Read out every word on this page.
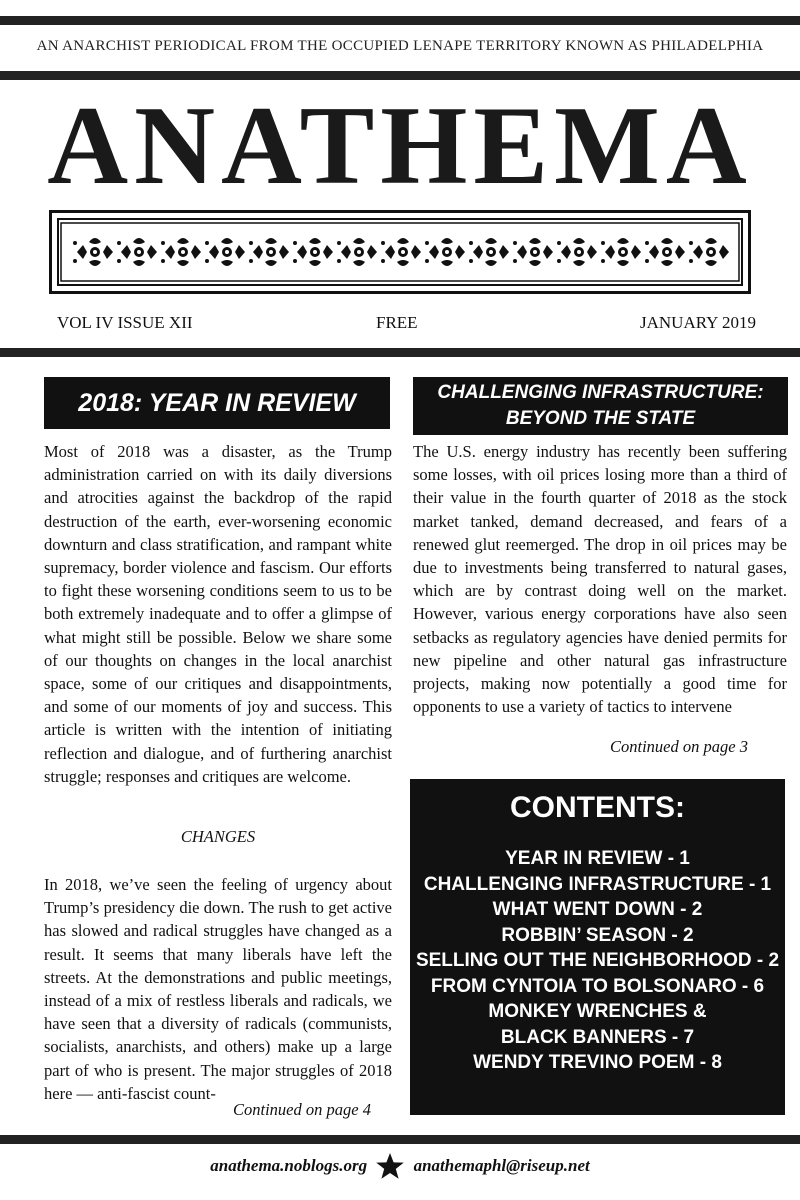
AN ANARCHIST PERIODICAL FROM THE OCCUPIED LENAPE TERRITORY KNOWN AS PHILADELPHIA
ANATHEMA
VOL IV ISSUE XII	FREE	JANUARY 2019
2018: YEAR IN REVIEW

Most of 2018 was a disaster, as the Trump administration carried on with its daily diversions and atrocities against the backdrop of the rapid destruction of the earth, ever-worsening economic downturn and class stratification, and rampant white supremacy, border violence and fascism. Our efforts to fight these worsening conditions seem to us to be both extremely inadequate and to offer a glimpse of what might still be possible. Below we share some of our thoughts on changes in the local anarchist space, some of our critiques and disappointments, and some of our moments of joy and success. This article is written with the intention of initiating reflection and dialogue, and of furthering anarchist struggle; responses and critiques are welcome.

CHANGES

In 2018, we’ve seen the feeling of urgency about Trump’s presidency die down. The rush to get active has slowed and radical struggles have changed as a result. It seems that many liberals have left the streets. At the demonstrations and public meetings, instead of a mix of restless liberals and radicals, we have seen that a diversity of radicals (communists, socialists, anarchists, and others) make up a large part of who is present. The major struggles of 2018 here — anti-fascist count-

Continued on page 4
CHALLENGING INFRASTRUCTURE:
BEYOND THE STATE

The U.S. energy industry has recently been suffering some losses, with oil prices losing more than a third of their value in the fourth quarter of 2018 as the stock market tanked, demand decreased, and fears of a renewed glut reemerged. The drop in oil prices may be due to investments being transferred to natural gases, which are by contrast doing well on the market. However, various energy corporations have also seen setbacks as regulatory agencies have denied permits for new pipeline and other natural gas infrastructure projects, making now potentially a good time for opponents to use a variety of tactics to intervene

Continued on page 3
CONTENTS:
YEAR IN REVIEW - 1
CHALLENGING INFRASTRUCTURE - 1
WHAT WENT DOWN - 2
ROBBIN’ SEASON - 2
SELLING OUT THE NEIGHBORHOOD - 2
FROM CYNTOIA TO BOLSONARO - 6
MONKEY WRENCHES &
BLACK BANNERS - 7
WENDY TREVINO POEM - 8
anathema.noblogs.org	anathemaphl@riseup.net
